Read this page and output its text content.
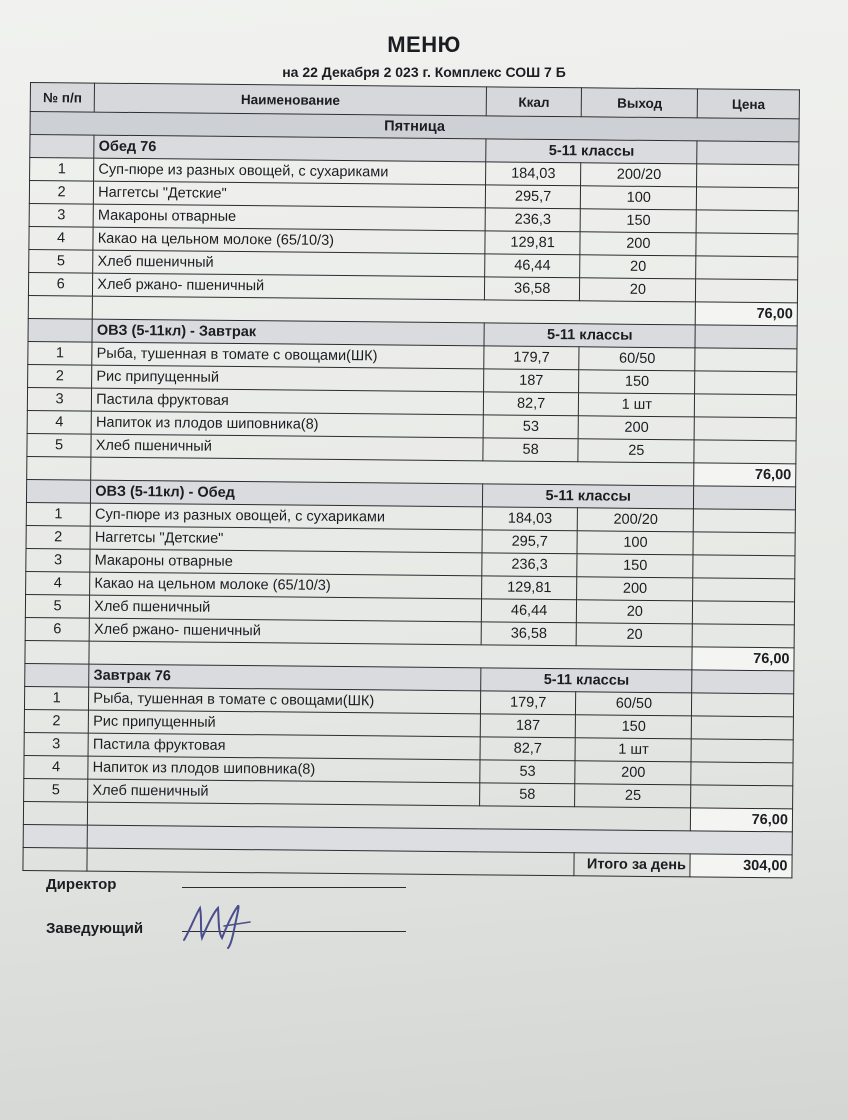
МЕНЮ
на 22 Декабря 2 023 г. Комплекс СОШ 7 Б
№ п/п	Наименование	Ккал	Выход	Цена
Пятница				
	Обед 76	5-11 классы		
1	Суп-пюре из разных овощей, с сухариками	184,03	200/20	
2	Наггетсы "Детские"	295,7	100	
3	Макароны отварные	236,3	150	
4	Какао на цельном молоке (65/10/3)	129,81	200	
5	Хлеб пшеничный	46,44	20	
6	Хлеб ржано- пшеничный	36,58	20	
				76,00
	ОВЗ (5-11кл) - Завтрак	5-11 классы		
1	Рыба, тушенная в томате с овощами(ШК)	179,7	60/50	
2	Рис припущенный	187	150	
3	Пастила фруктовая	82,7	1 шт	
4	Напиток из плодов шиповника(8)	53	200	
5	Хлеб пшеничный	58	25	
				76,00
	ОВЗ (5-11кл) - Обед	5-11 классы		
1	Суп-пюре из разных овощей, с сухариками	184,03	200/20	
2	Наггетсы "Детские"	295,7	100	
3	Макароны отварные	236,3	150	
4	Какао на цельном молоке (65/10/3)	129,81	200	
5	Хлеб пшеничный	46,44	20	
6	Хлеб ржано- пшеничный	36,58	20	
				76,00
	Завтрак 76	5-11 классы		
1	Рыба, тушенная в томате с овощами(ШК)	179,7	60/50	
2	Рис припущенный	187	150	
3	Пастила фруктовая	82,7	1 шт	
4	Напиток из плодов шиповника(8)	53	200	
5	Хлеб пшеничный	58	25	
				76,00

			Итого за день	304,00
Директор
Заведующий
